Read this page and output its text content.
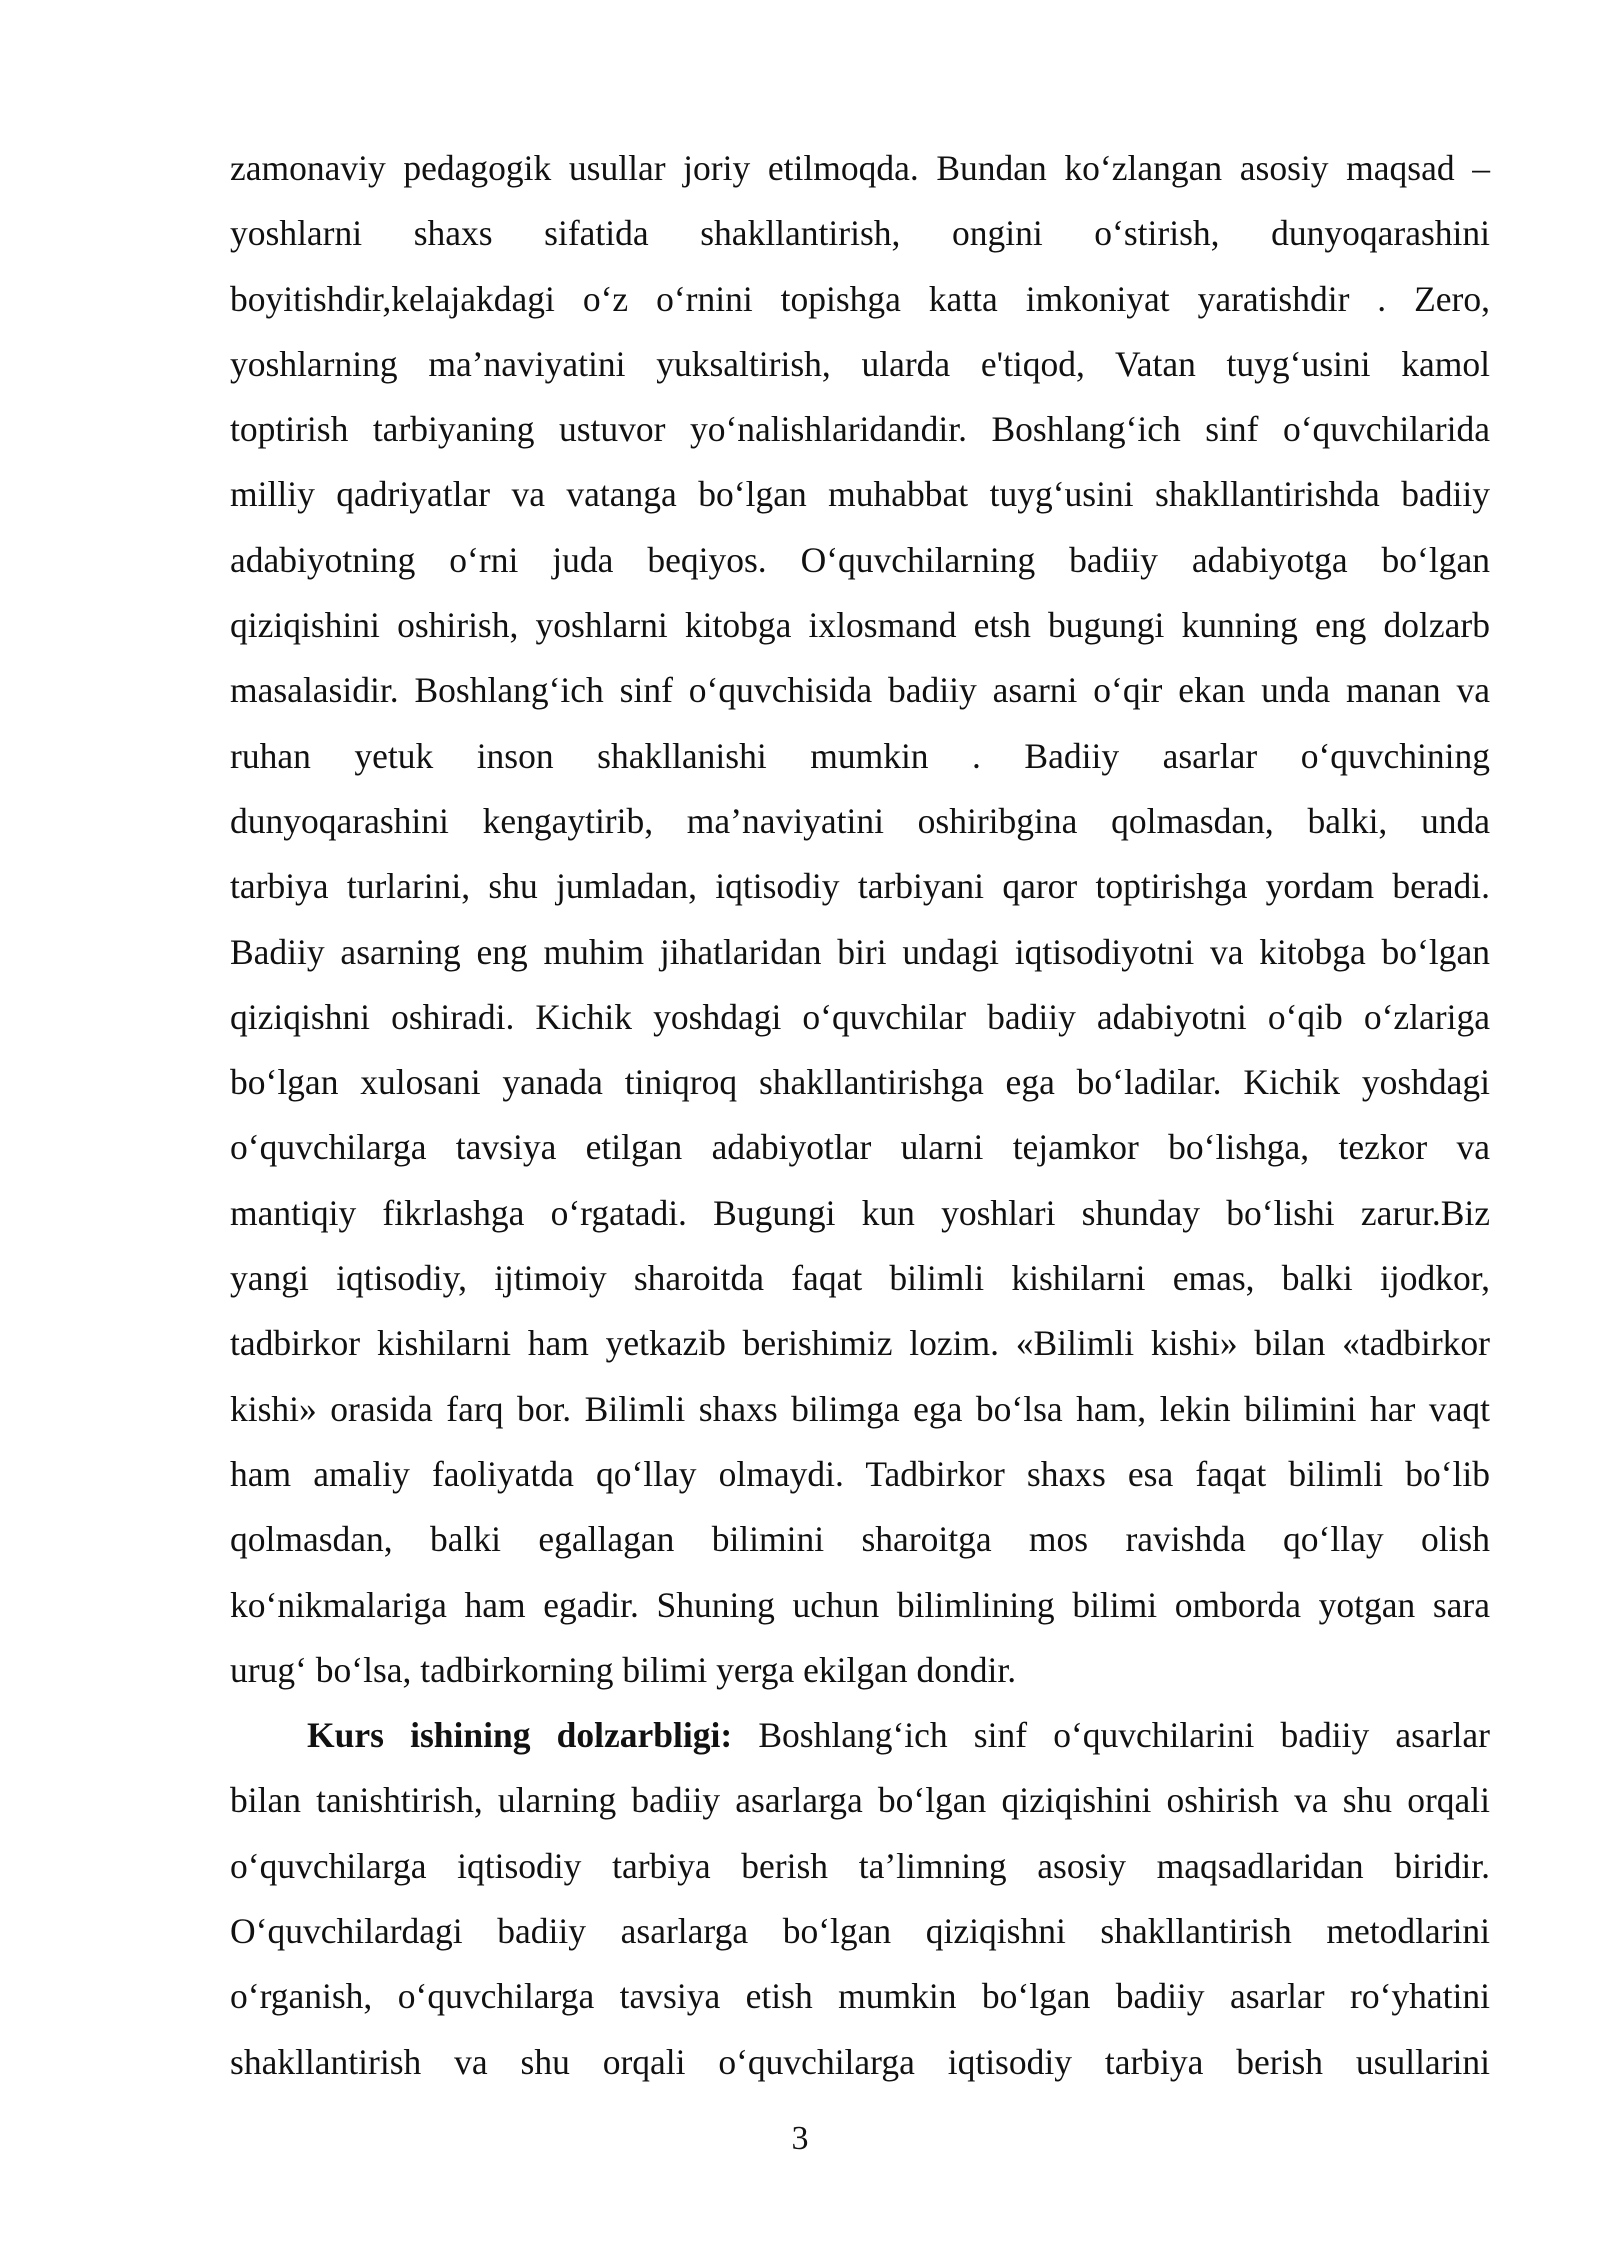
zamonaviy pedagogik usullar joriy etilmoqda. Bundan ko‘zlangan asosiy maqsad –
yoshlarni shaxs sifatida shakllantirish, ongini o‘stirish, dunyoqarashini
boyitishdir,kelajakdagi o‘z o‘rnini topishga katta imkoniyat yaratishdir . Zero,
yoshlarning ma’naviyatini yuksaltirish, ularda e'tiqod, Vatan tuyg‘usini kamol
toptirish tarbiyaning ustuvor yo‘nalishlaridandir. Boshlang‘ich sinf o‘quvchilarida
milliy qadriyatlar va vatanga bo‘lgan muhabbat tuyg‘usini shakllantirishda badiiy
adabiyotning o‘rni juda beqiyos. O‘quvchilarning badiiy adabiyotga bo‘lgan
qiziqishini oshirish, yoshlarni kitobga ixlosmand etsh bugungi kunning eng dolzarb
masalasidir. Boshlang‘ich sinf o‘quvchisida badiiy asarni o‘qir ekan unda manan va
ruhan yetuk inson shakllanishi mumkin . Badiiy asarlar o‘quvchining
dunyoqarashini kengaytirib, ma’naviyatini oshiribgina qolmasdan, balki, unda
tarbiya turlarini, shu jumladan, iqtisodiy tarbiyani qaror toptirishga yordam beradi.
Badiiy asarning eng muhim jihatlaridan biri undagi iqtisodiyotni va kitobga bo‘lgan
qiziqishni oshiradi. Kichik yoshdagi o‘quvchilar badiiy adabiyotni o‘qib o‘zlariga
bo‘lgan xulosani yanada tiniqroq shakllantirishga ega bo‘ladilar. Kichik yoshdagi
o‘quvchilarga tavsiya etilgan adabiyotlar ularni tejamkor bo‘lishga, tezkor va
mantiqiy fikrlashga o‘rgatadi. Bugungi kun yoshlari shunday bo‘lishi zarur.Biz
yangi iqtisodiy, ijtimoiy sharoitda faqat bilimli kishilarni emas, balki ijodkor,
tadbirkor kishilarni ham yetkazib berishimiz lozim. «Bilimli kishi» bilan «tadbirkor
kishi» orasida farq bor. Bilimli shaxs bilimga ega bo‘lsa ham, lekin bilimini har vaqt
ham amaliy faoliyatda qo‘llay olmaydi. Tadbirkor shaxs esa faqat bilimli bo‘lib
qolmasdan, balki egallagan bilimini sharoitga mos ravishda qo‘llay olish
ko‘nikmalariga ham egadir. Shuning uchun bilimlining bilimi omborda yotgan sara
urug‘ bo‘lsa, tadbirkorning bilimi yerga ekilgan dondir.
Kurs ishining dolzarbligi: Boshlang‘ich sinf o‘quvchilarini badiiy asarlar
bilan tanishtirish, ularning badiiy asarlarga bo‘lgan qiziqishini oshirish va shu orqali
o‘quvchilarga iqtisodiy tarbiya berish ta’limning asosiy maqsadlaridan biridir.
O‘quvchilardagi badiiy asarlarga bo‘lgan qiziqishni shakllantirish metodlarini
o‘rganish, o‘quvchilarga tavsiya etish mumkin bo‘lgan badiiy asarlar ro‘yhatini
shakllantirish va shu orqali o‘quvchilarga iqtisodiy tarbiya berish usullarini
3
